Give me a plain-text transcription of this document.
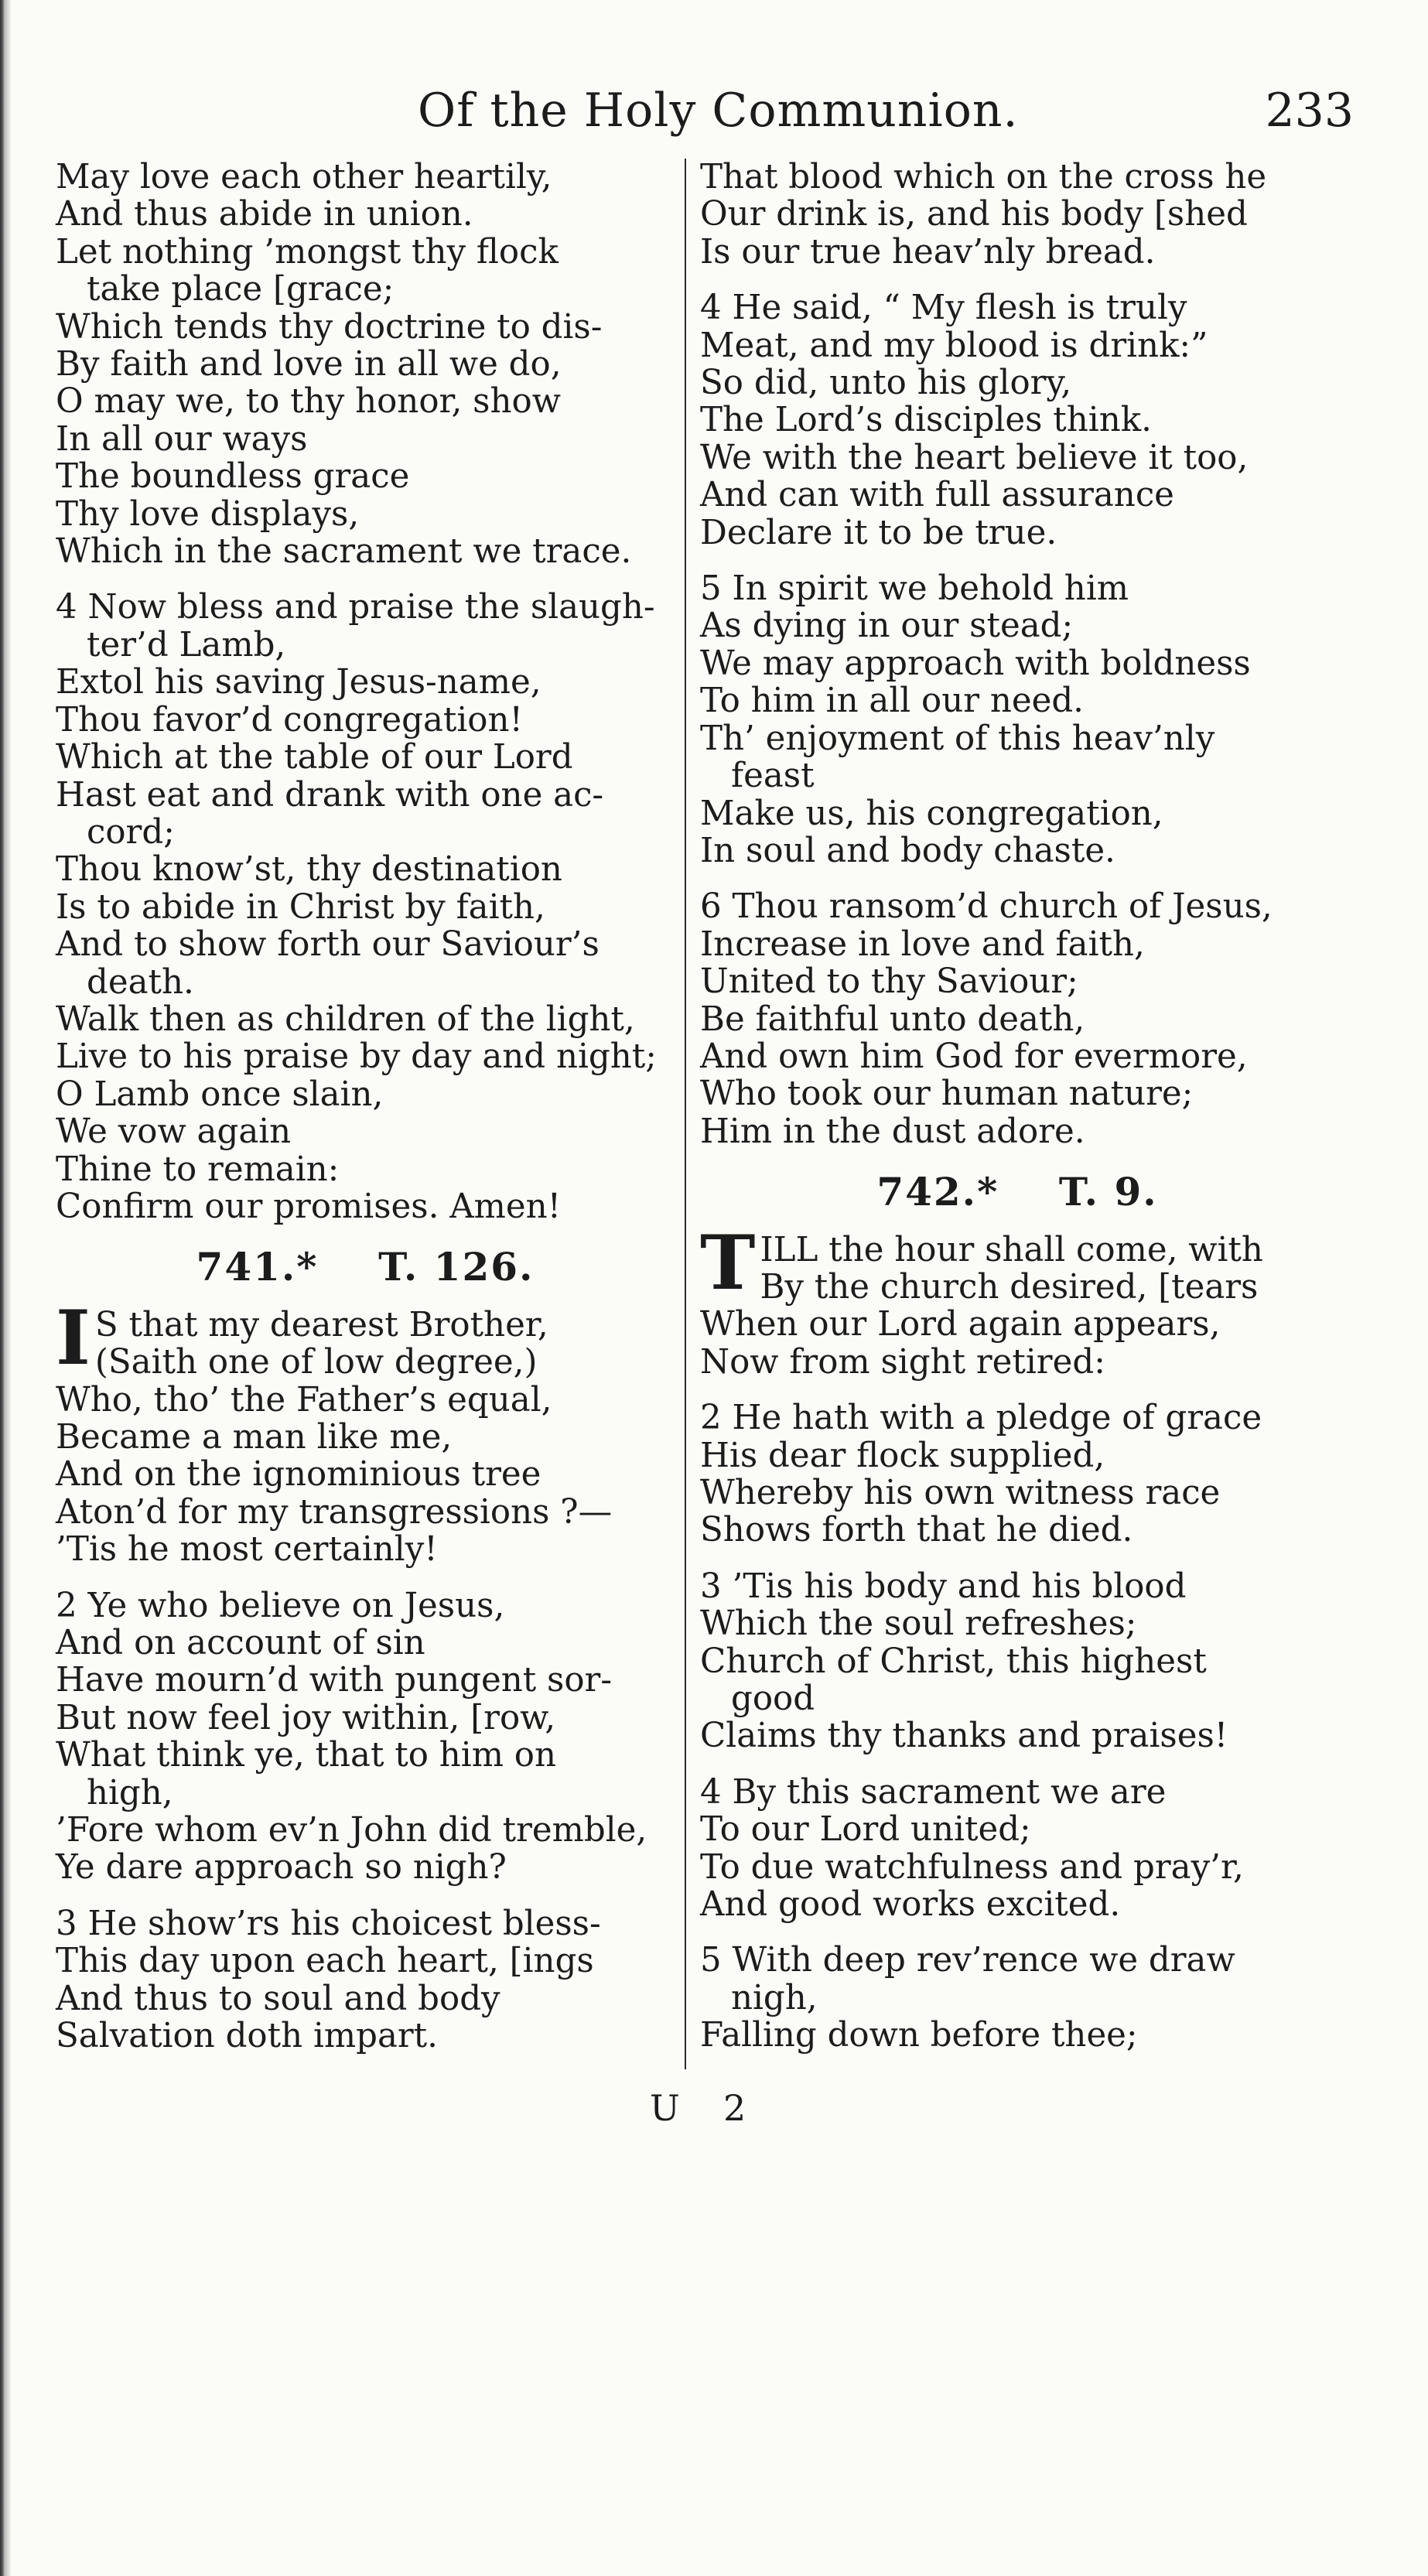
Of the Holy Communion.	233
May love each other heartily,
And thus abide in union.
Let nothing ’mongst thy flock
take place [grace;
Which tends thy doctrine to dis-
By faith and love in all we do,
O may we, to thy honor, show
In all our ways
The boundless grace
Thy love displays,
Which in the sacrament we trace.
4 Now bless and praise the slaugh-
ter’d Lamb,
Extol his saving Jesus-name,
Thou favor’d congregation!
Which at the table of our Lord
Hast eat and drank with one ac-
cord;
Thou know’st, thy destination
Is to abide in Christ by faith,
And to show forth our Saviour’s
death.
Walk then as children of the light,
Live to his praise by day and night;
O Lamb once slain,
We vow again
Thine to remain:
Confirm our promises. Amen!
741.* T. 126.
I S that my dearest Brother,
(Saith one of low degree,)
Who, tho’ the Father’s equal,
Became a man like me,
And on the ignominious tree
Aton’d for my transgressions ?—
’Tis he most certainly!
2 Ye who believe on Jesus,
And on account of sin
Have mourn’d with pungent sor-
But now feel joy within, [row,
What think ye, that to him on
high,
’Fore whom ev’n John did tremble,
Ye dare approach so nigh?
3 He show’rs his choicest bless-
This day upon each heart, [ings
And thus to soul and body
Salvation doth impart.
That blood which on the cross he
Our drink is, and his body [shed
Is our true heav’nly bread.
4 He said, “ My flesh is truly
Meat, and my blood is drink:”
So did, unto his glory,
The Lord’s disciples think.
We with the heart believe it too,
And can with full assurance
Declare it to be true.
5 In spirit we behold him
As dying in our stead;
We may approach with boldness
To him in all our need.
Th’ enjoyment of this heav’nly
feast
Make us, his congregation,
In soul and body chaste.
6 Thou ransom’d church of Jesus,
Increase in love and faith,
United to thy Saviour;
Be faithful unto death,
And own him God for evermore,
Who took our human nature;
Him in the dust adore.
742.* T. 9.
T ILL the hour shall come, with
By the church desired, [tears
When our Lord again appears,
Now from sight retired:
2 He hath with a pledge of grace
His dear flock supplied,
Whereby his own witness race
Shows forth that he died.
3 ’Tis his body and his blood
Which the soul refreshes;
Church of Christ, this highest
good
Claims thy thanks and praises!
4 By this sacrament we are
To our Lord united;
To due watchfulness and pray’r,
And good works excited.
5 With deep rev’rence we draw
nigh,
Falling down before thee;
U 2
